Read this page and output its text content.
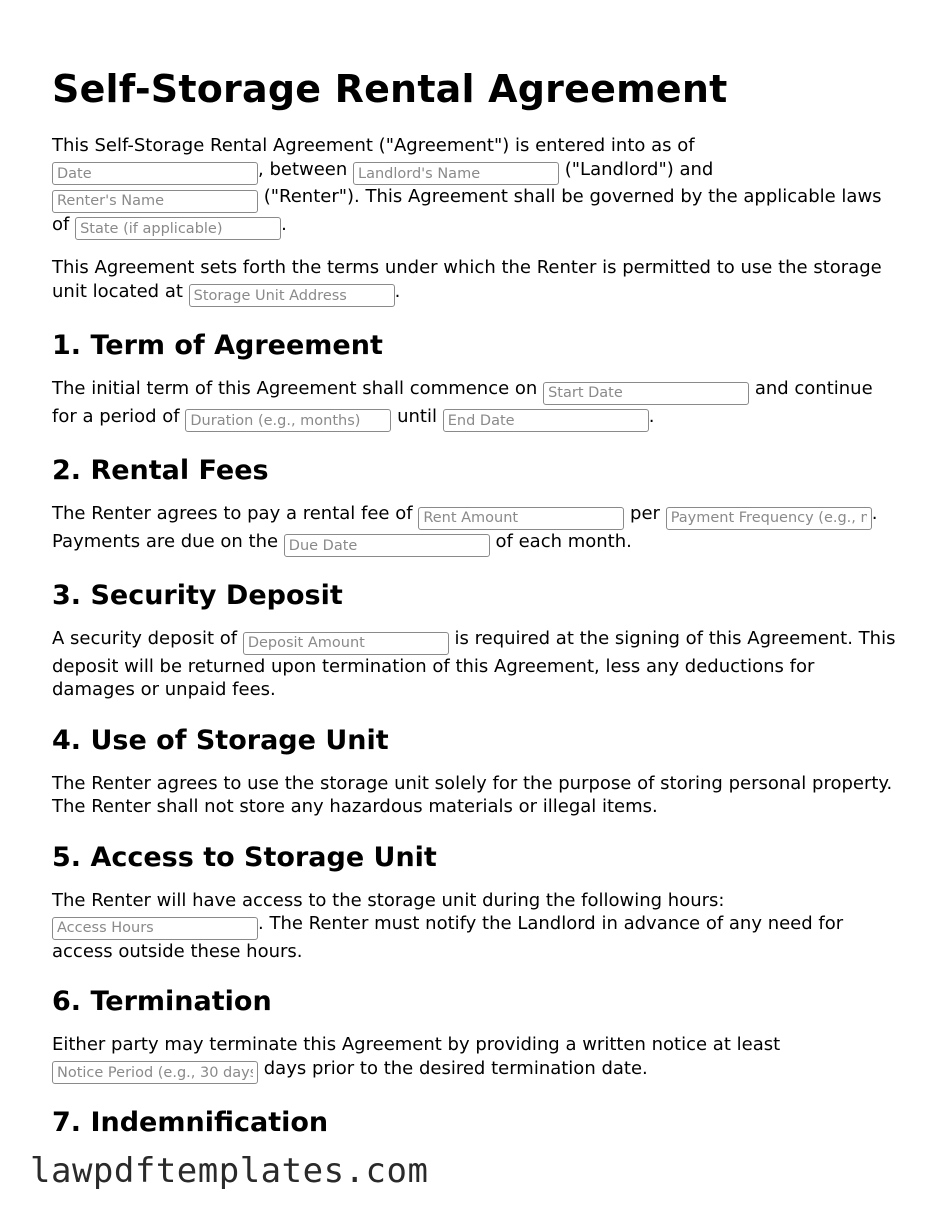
Self-Storage Rental Agreement

This Self-Storage Rental Agreement ("Agreement") is entered into as of
Date, between Landlord's Name	("Landlord") and
Renter's Name ("Renter"). This Agreement shall be governed by the applicable laws of State (if applicable)	.

This Agreement sets forth the terms under which the Renter is permitted to use the storage unit located at Storage Unit Address	.

1. Term of Agreement

The initial term of this Agreement shall commence on Start Date	and continue for a period of Duration (e.g., months)	until End Date	.

2. Rental Fees

The Renter agrees to pay a rental fee of Rent Amount	per Payment Frequency (e.g., monthly)	. Payments are due on the Due Date	of each month.

3. Security Deposit

A security deposit of Deposit Amount	is required at the signing of this Agreement. This deposit will be returned upon termination of this Agreement, less any deductions for damages or unpaid fees.

4. Use of Storage Unit

The Renter agrees to use the storage unit solely for the purpose of storing personal property. The Renter shall not store any hazardous materials or illegal items.

5. Access to Storage Unit

The Renter will have access to the storage unit during the following hours:
Access Hours. The Renter must notify the Landlord in advance of any need for access outside these hours.

6. Termination

Either party may terminate this Agreement by providing a written notice at least
Notice Period (e.g., 30 days) days prior to the desired termination date.

7. Indemnification
lawpdftemplates.com
